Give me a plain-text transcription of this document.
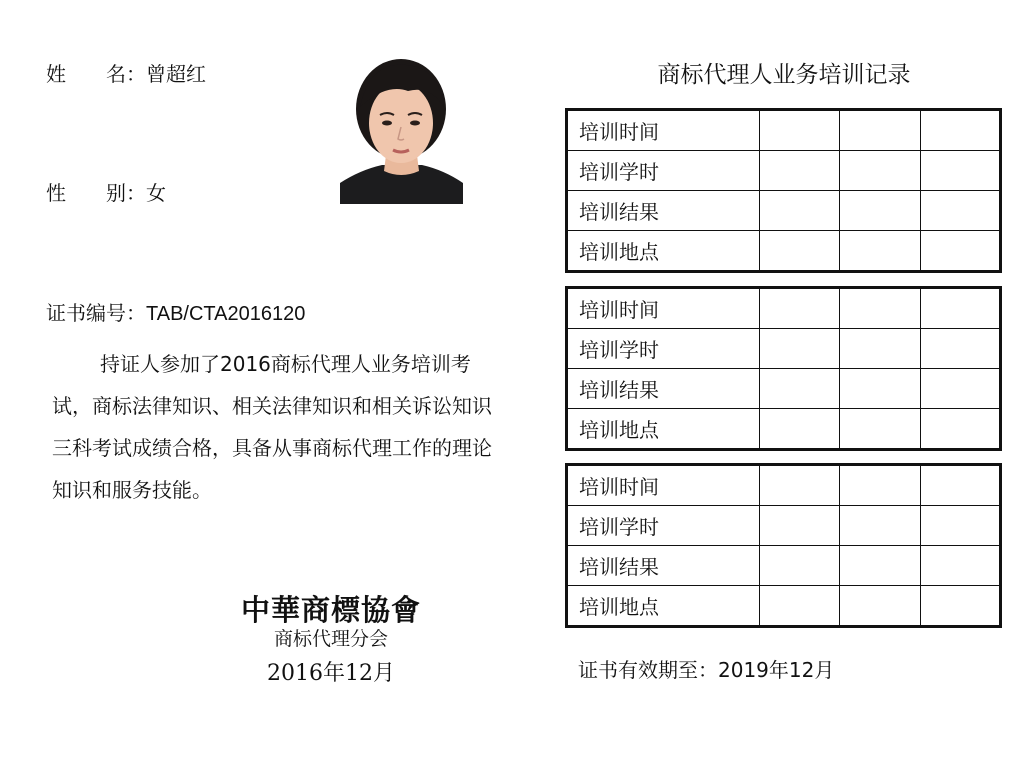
姓　　名：曾超红
性　　别：女
证书编号：TAB/CTA2016120
持证人参加了2016商标代理人业务培训考试，商标法律知识、相关法律知识和相关诉讼知识三科考试成绩合格，具备从事商标代理工作的理论知识和服务技能。
中華商標協會
商标代理分会
2016年12月
商标代理人业务培训记录
培训时间			
培训学时			
培训结果			
培训地点			
培训时间			
培训学时			
培训结果			
培训地点			
培训时间			
培训学时			
培训结果			
培训地点			
证书有效期至：2019年12月
